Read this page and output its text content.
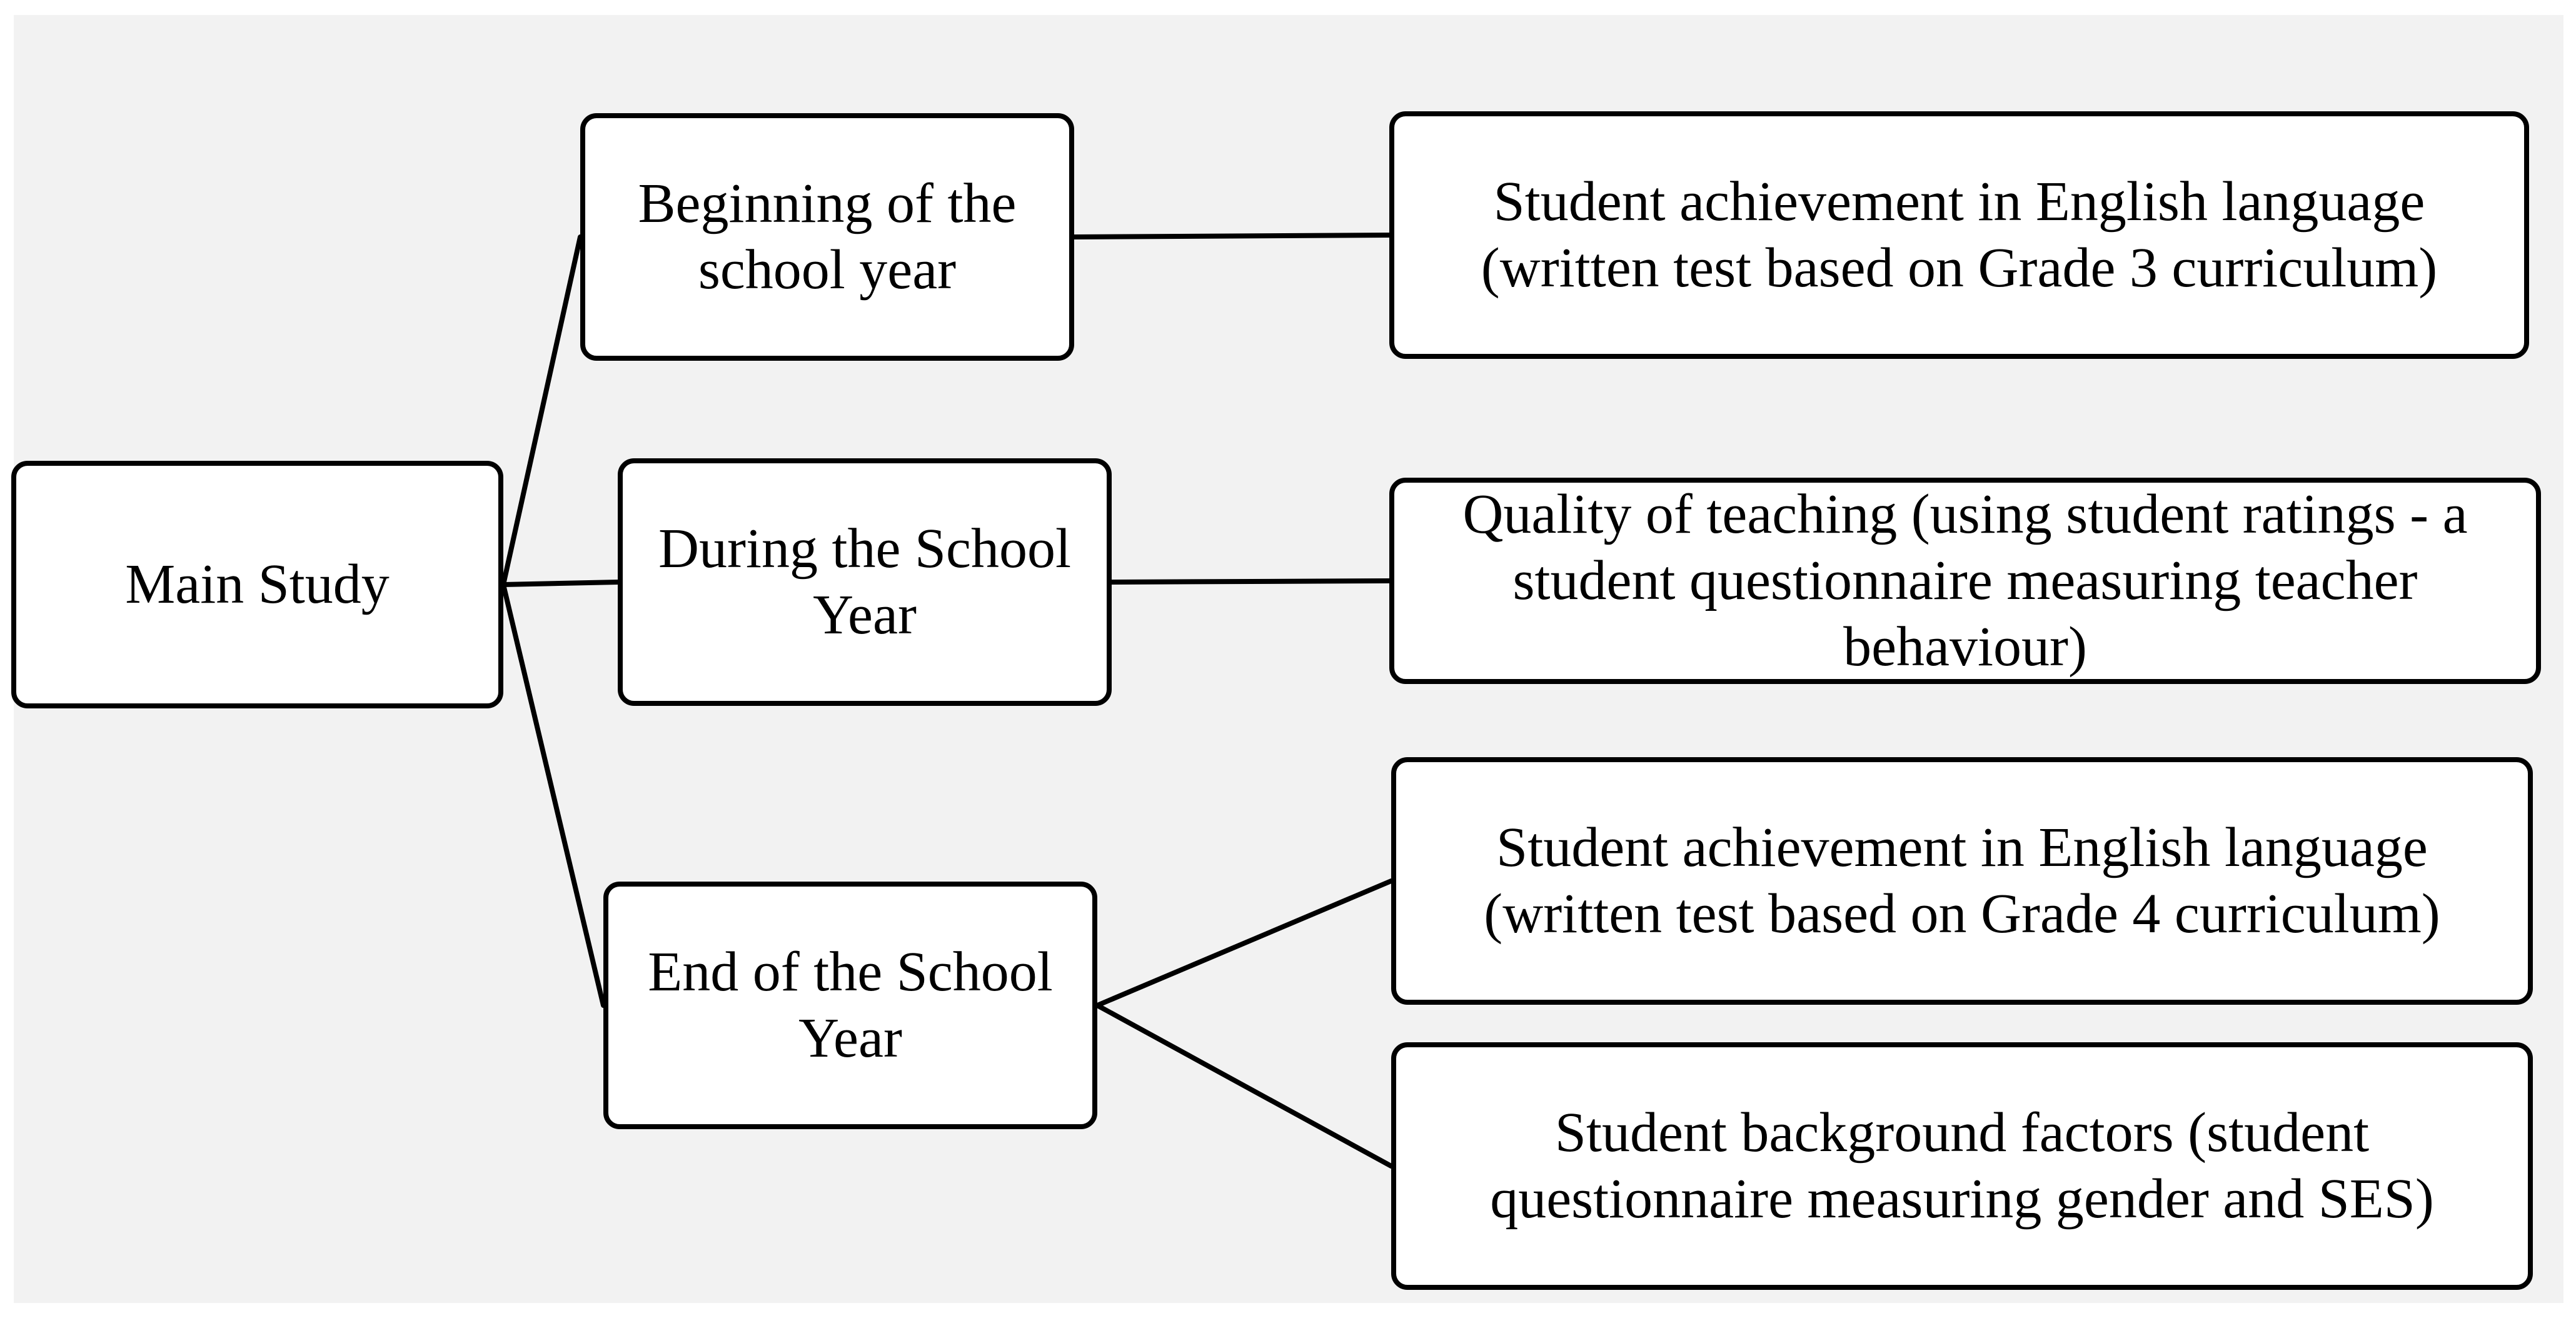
Main Study
Beginning of the
school year
During the School
Year
End of the School
Year
Student achievement in English language
(written test based on Grade 3 curriculum)
Quality of teaching (using student ratings - a
student questionnaire measuring teacher
behaviour)
Student achievement in English language
(written test based on Grade 4 curriculum)
Student background factors (student
questionnaire measuring gender and SES)
